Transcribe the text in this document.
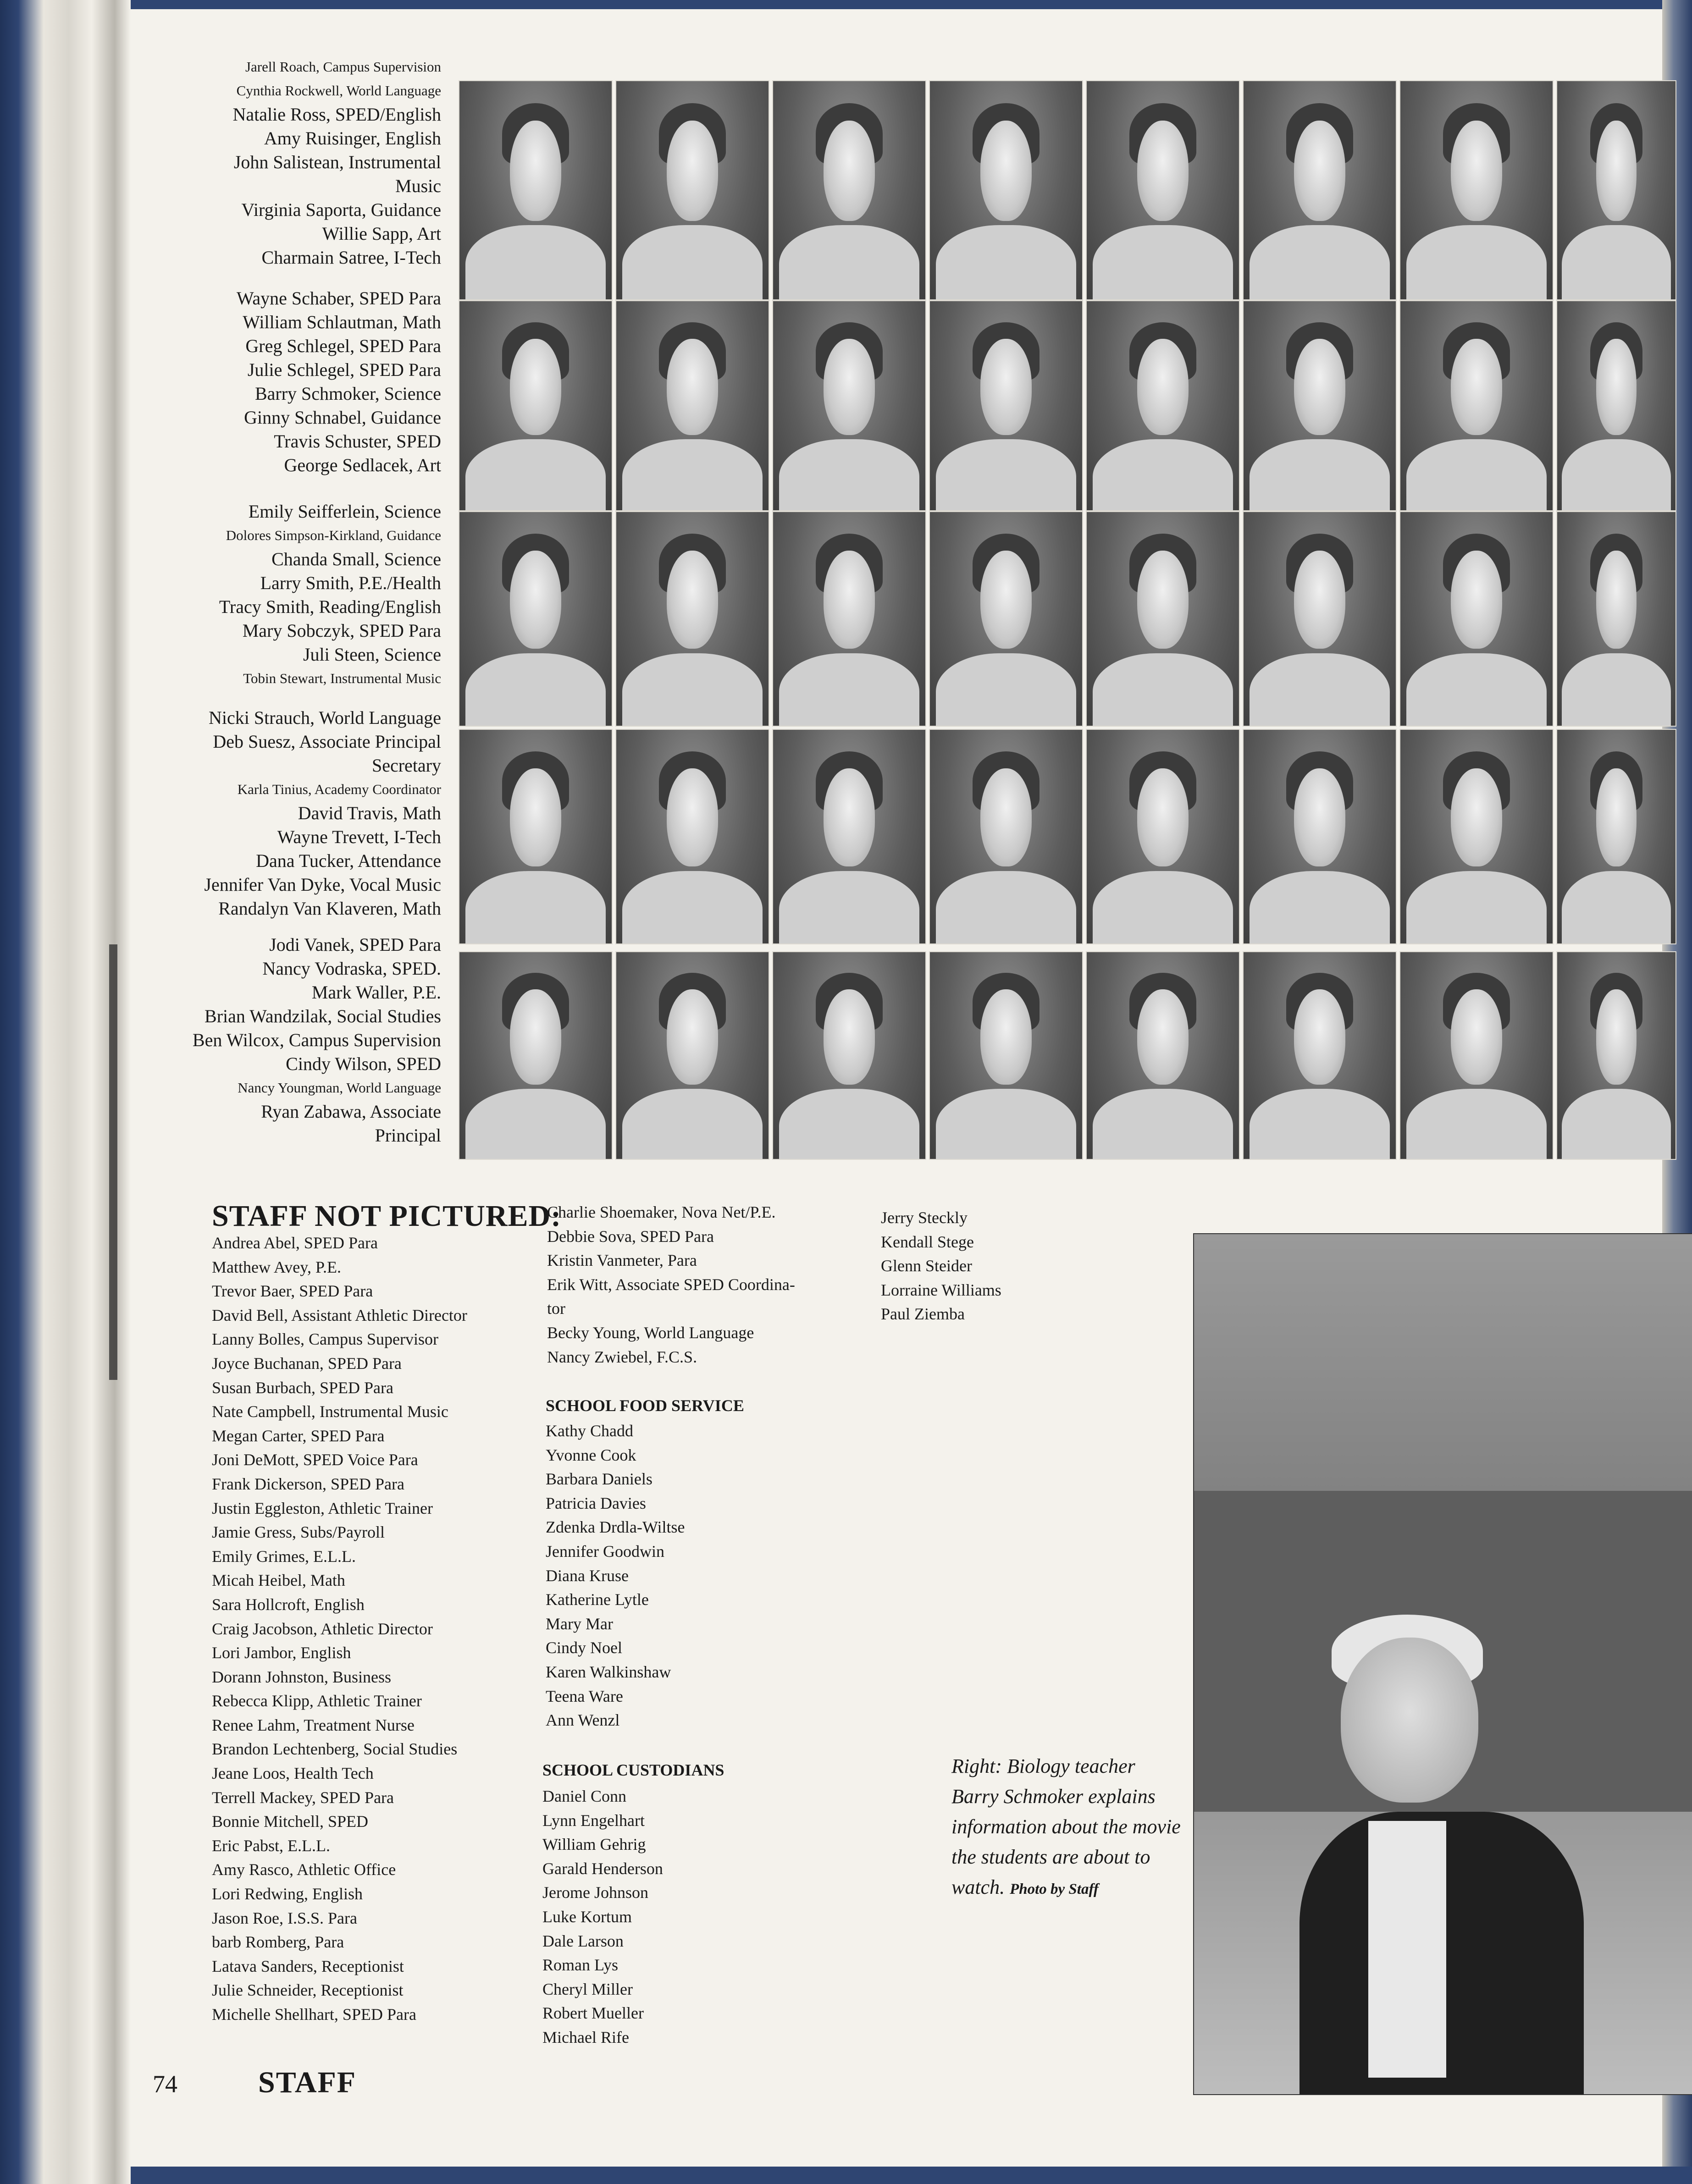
Jarell Roach, Campus Supervision
Cynthia Rockwell, World Language
Natalie Ross, SPED/English
Amy Ruisinger, English
John Salistean, Instrumental
Music
Virginia Saporta, Guidance
Willie Sapp, Art
Charmain Satree, I-Tech
Wayne Schaber, SPED Para
William Schlautman, Math
Greg Schlegel, SPED Para
Julie Schlegel, SPED Para
Barry Schmoker, Science
Ginny Schnabel, Guidance
Travis Schuster, SPED
George Sedlacek, Art
Emily Seifferlein, Science
Dolores Simpson-Kirkland, Guidance
Chanda Small, Science
Larry Smith, P.E./Health
Tracy Smith, Reading/English
Mary Sobczyk, SPED Para
Juli Steen, Science
Tobin Stewart, Instrumental Music
Nicki Strauch, World Language
Deb Suesz, Associate Principal
Secretary
Karla Tinius, Academy Coordinator
David Travis, Math
Wayne Trevett, I-Tech
Dana Tucker, Attendance
Jennifer Van Dyke, Vocal Music
Randalyn Van Klaveren, Math
Jodi Vanek, SPED Para
Nancy Vodraska, SPED.
Mark Waller, P.E.
Brian Wandzilak, Social Studies
Ben Wilcox, Campus Supervision
Cindy Wilson, SPED
Nancy Youngman, World Language
Ryan Zabawa, Associate
Principal
STAFF NOT PICTURED:
Andrea Abel, SPED Para
Matthew Avey, P.E.
Trevor Baer, SPED Para
David Bell, Assistant Athletic Director
Lanny Bolles, Campus Supervisor
Joyce Buchanan, SPED Para
Susan Burbach, SPED Para
Nate Campbell, Instrumental Music
Megan Carter, SPED Para
Joni DeMott, SPED Voice Para
Frank Dickerson, SPED Para
Justin Eggleston, Athletic Trainer
Jamie Gress, Subs/Payroll
Emily Grimes, E.L.L.
Micah Heibel, Math
Sara Hollcroft, English
Craig Jacobson, Athletic Director
Lori Jambor, English
Dorann Johnston, Business
Rebecca Klipp, Athletic Trainer
Renee Lahm, Treatment Nurse
Brandon Lechtenberg, Social Studies
Jeane Loos, Health Tech
Terrell Mackey, SPED Para
Bonnie Mitchell, SPED
Eric Pabst, E.L.L.
Amy Rasco, Athletic Office
Lori Redwing, English
Jason Roe, I.S.S. Para
barb Romberg, Para
Latava Sanders, Receptionist
Julie Schneider, Receptionist
Michelle Shellhart, SPED Para
Charlie Shoemaker, Nova Net/P.E.
Debbie Sova, SPED Para
Kristin Vanmeter, Para
Erik Witt, Associate SPED Coordina-
tor
Becky Young, World Language
Nancy Zwiebel, F.C.S.
Jerry Steckly
Kendall Stege
Glenn Steider
Lorraine Williams
Paul Ziemba
SCHOOL FOOD SERVICE
Kathy Chadd
Yvonne Cook
Barbara Daniels
Patricia Davies
Zdenka Drdla-Wiltse
Jennifer Goodwin
Diana Kruse
Katherine Lytle
Mary Mar
Cindy Noel
Karen Walkinshaw
Teena Ware
Ann Wenzl
SCHOOL CUSTODIANS
Daniel Conn
Lynn Engelhart
William Gehrig
Garald Henderson
Jerome Johnson
Luke Kortum
Dale Larson
Roman Lys
Cheryl Miller
Robert Mueller
Michael Rife
Right: Biology teacher Barry Schmoker explains information about the movie the students are about to watch. Photo by Staff
74	STAFF
